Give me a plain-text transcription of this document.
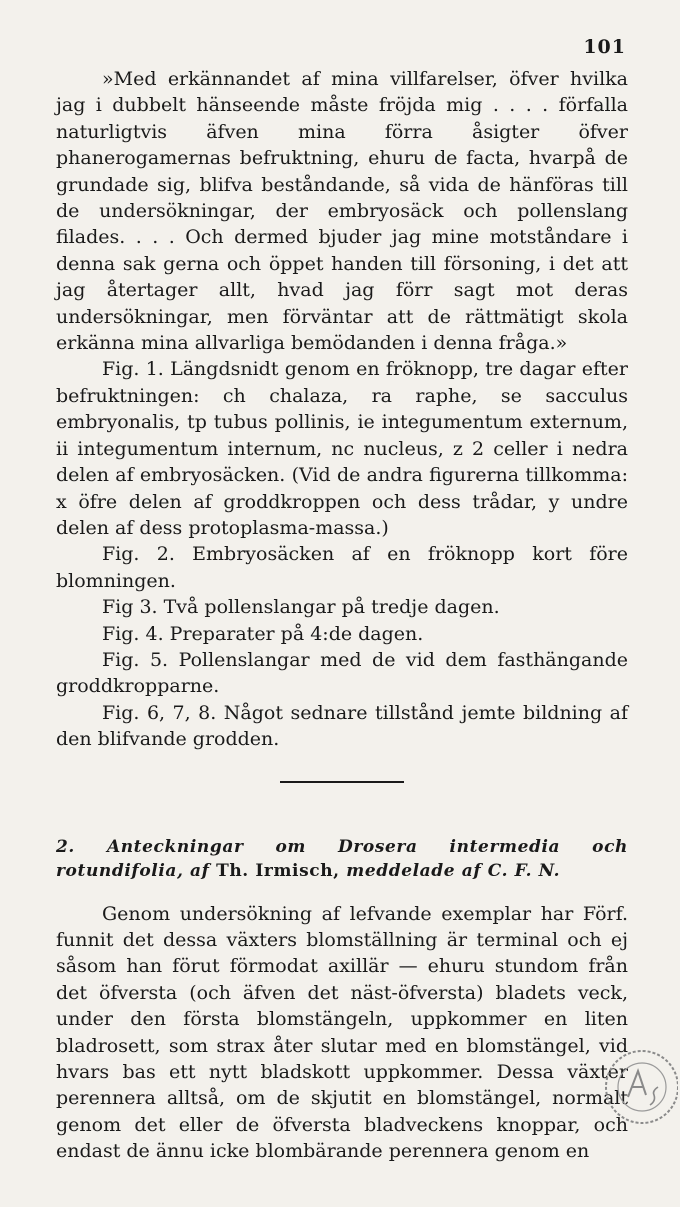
101

»Med erkännandet af mina villfarelser, öfver hvilka jag i dubbelt hänseende måste fröjda mig . . . . förfalla naturligtvis äfven mina förra åsigter öfver phanerogamernas befruktning, ehuru de facta, hvarpå de grundade sig, blifva beståndande, så vida de hänföras till de undersökningar, der embryosäck och pollenslang filades. . . . Och dermed bjuder jag mine motståndare i denna sak gerna och öppet handen till försoning, i det att jag återtager allt, hvad jag förr sagt mot deras undersökningar, men förväntar att de rättmätigt skola erkänna mina allvarliga bemödanden i denna fråga.»

Fig. 1. Längdsnidt genom en fröknopp, tre dagar efter befruktningen: ch chalaza, ra raphe, se sacculus embryonalis, tp tubus pollinis, ie integumentum externum, ii integumentum internum, nc nucleus, z 2 celler i nedra delen af embryosäcken. (Vid de andra figurerna tillkomma: x öfre delen af groddkroppen och dess trådar, y undre delen af dess protoplasma-massa.)

Fig. 2. Embryosäcken af en fröknopp kort före blomningen.

Fig 3. Två pollenslangar på tredje dagen.

Fig. 4. Preparater på 4:de dagen.

Fig. 5. Pollenslangar med de vid dem fasthängande groddkropparne.

Fig. 6, 7, 8. Något sednare tillstånd jemte bildning af den blifvande grodden.

2. Anteckningar om Drosera intermedia och rotundifolia, af Th. Irmisch, meddelade af C. F. N.

Genom undersökning af lefvande exemplar har Förf. funnit det dessa växters blomställning är terminal och ej såsom han förut förmodat axillär — ehuru stundom från det öfversta (och äfven det näst-öfversta) bladets veck, under den första blomstängeln, uppkommer en liten bladrosett, som strax åter slutar med en blomstängel, vid hvars bas ett nytt bladskott uppkommer. Dessa växter perennera alltså, om de skjutit en blomstängel, normalt genom det eller de öfversta bladveckens knoppar, och endast de ännu icke blombärande perennera genom en
